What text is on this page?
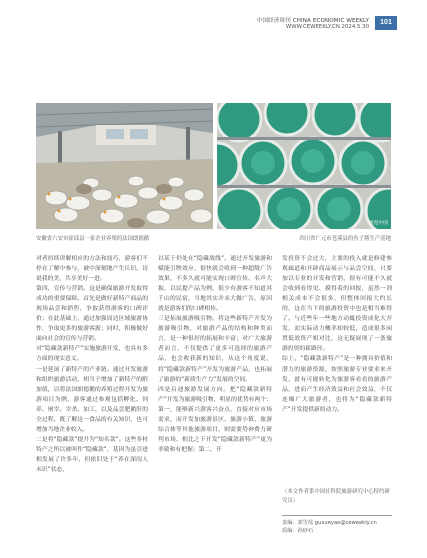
中国经济周刊 CHINA ECONOMIC WEEKLY
WWW.CEWEEKLY.CN 2024.5.30
101
视觉中国
安徽省六安市霍邱县一家企业养殖的法国朗德鹅	四川省广元市苍溪县的鱼子酱生产基地

对者持续讲解相应的方法和技巧，游客们不停在了解中参与，被中深刻地产生认识。诗说我的美，共享美好一进。

第四，宣传与营销。这是确保旅游开发取得成功的重要保障。首先是做好新特产商品的现场品尝和销售，争取获得游客的口碑评价；在此基础上，通过加强周边区域旅游协作，争取更多的旅游客源；同时，积极做好面向社会的宣传与营销。

对“隐藏款新特产”实施旅游开发，也具有多方面的现实意义。

一是延展了新特产的产业链。通过开发旅游和组织旅游活动，相当于增加了新特产的附加值，以将法国朗德鹅的养殖过程开发为旅游项目为例，游客通过参观包括孵化、饲养、屠宰、宰杀、加工，以及品尝肥鹅肝的全过程，既了解这一食品的有关知识，也可增加当地企业收入。

二是将“隐藏款”提升为“知名款”。这些多村特产之所以被叫作“隐藏款”，基因为虽引进相发展了许多年，但依旧处于“养在深闺人未识”状态，

以某于仍处在“隐藏战线”。通过开发旅游和赋能引牌效应，很快就会收到一种超级广告效果，不多久就可能实现口碑宣传、名声大振，以民提产品为例，很少有游客不知道其千山的民宿，当地其实并未大做广告，原因就是游客们的口碑相传。

三是拓展旅游吸引物。将这些新特产开发为旅游吸引物，对旅游产品的结构和种类而言，是一种很好的拓展和丰富；对广大旅游者而言，不仅提供了更多可选择的旅游产品，也会收获新的知识，从这个角度说，将“隐藏款新特产”开发为旅游产品，也拓展了旅游的“新质生产力”发展的空间。

四是启迪旅游发展方向。把“隐藏款新特产”开发为旅游吸引物，明显的优势有两个：第一，能够新兴游客兴奋点，直接对应市场需求，而开发加旅游景区、旅游小镇、旅游综合体等其他旅游项目，则需要势神费力研判市场，相比之下开发“隐藏款新特产”更为率致和有把握；第二，开

发投资不会过大，主要的投入就是修建参观廊道和开辟商品展示与品尝空间，只要加以专业的开发和营销，很有可能不久就会收到看得见、摸得着的回报，虽然一剂相关成本不会很多，但整体回报大约长的，这在当下的旅游投资中也是相当难得了。与近些年一些地方动辄投资成化大开发，而实际动力概率却较低，造成很多闲置低效资产相对比，这无疑展现了一条旅游投资的新路径。

综上，“隐藏款新特产”是一种拥具价值和潜力的旅游资源，按照旅游专业要求来开发，就有可能转化为旅游客看看的旅游产品，进而产生经济效益和社会效益，不仅连爆广大旅游者，也将为“隐藏款新特产”开发提供新的动力。

（本文作者系中国社科院旅游研究中心特约研究员）
责编：郭雪瑶 guxueyao@ceweekly.cn
质编：孙砂石
